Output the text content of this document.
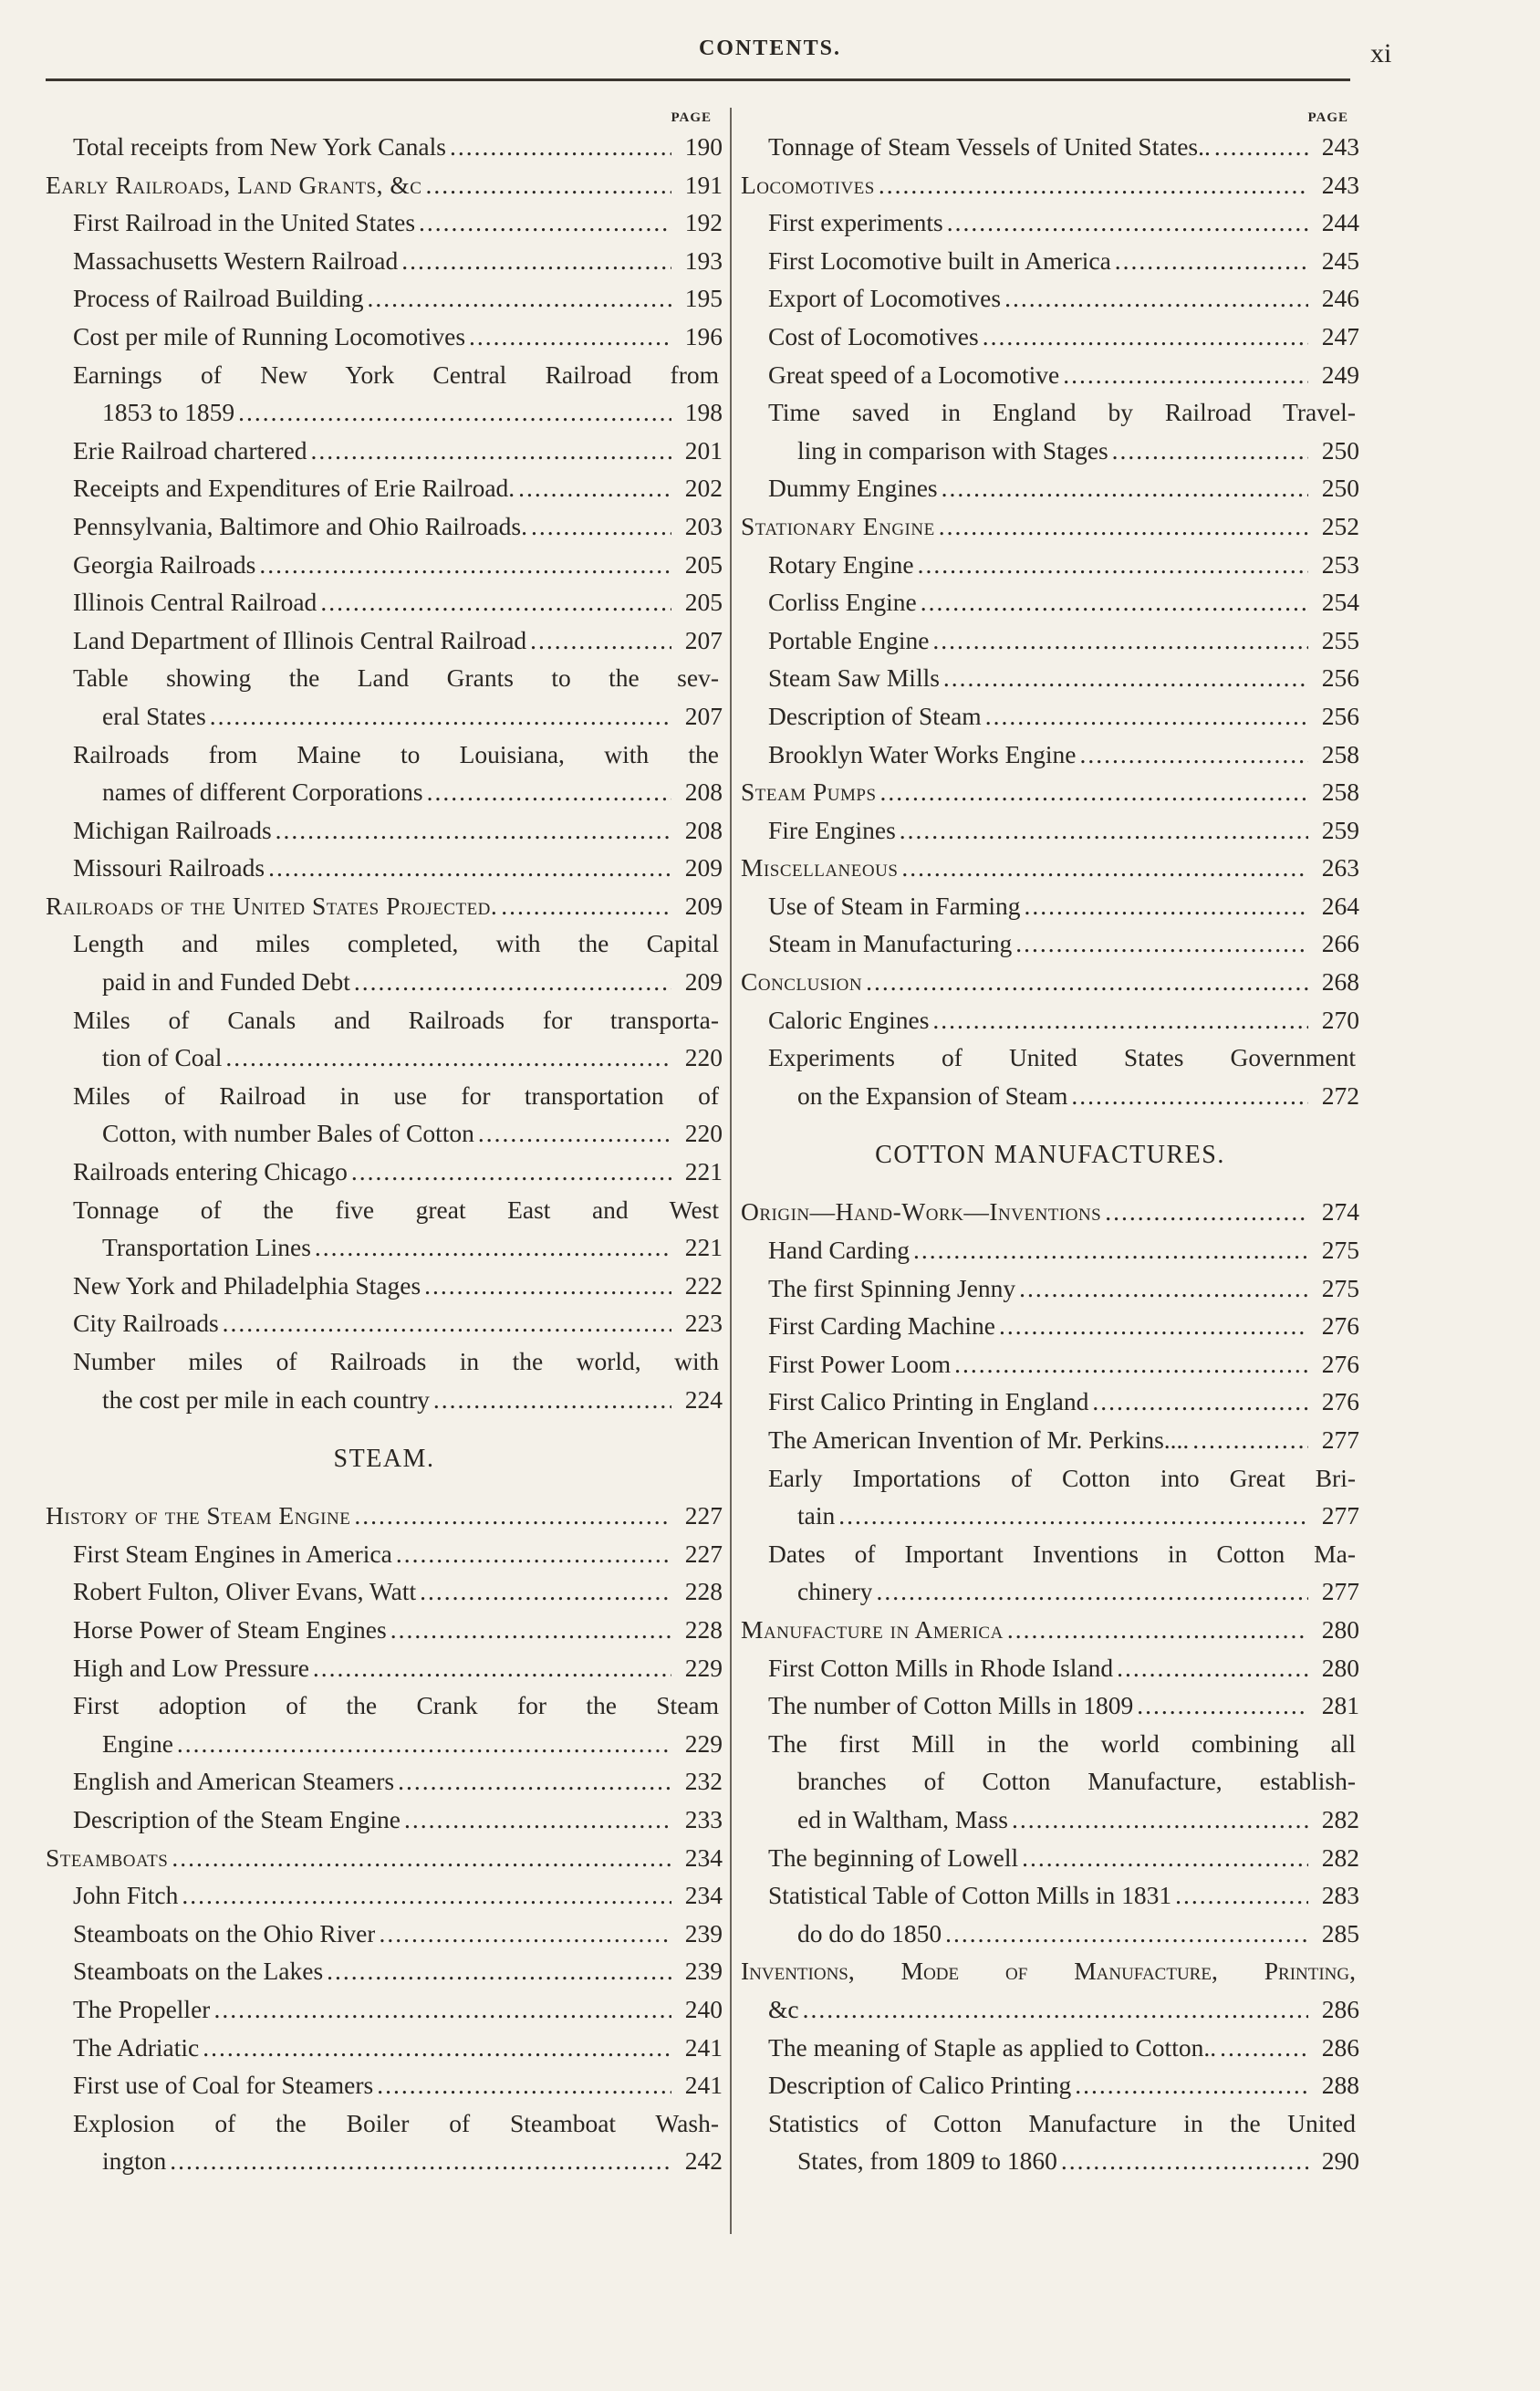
CONTENTS.	xi
PAGE
Total receipts from New York Canals .....	190
Early Railroads, Land Grants, &c .....	191
First Railroad in the United States .....	192
Massachusetts Western Railroad .....	193
Process of Railroad Building .....	195
Cost per mile of Running Locomotives .....	196
Earnings of New York Central Railroad from
1853 to 1859 .....	198
Erie Railroad chartered .....	201
Receipts and Expenditures of Erie Railroad. .....	202
Pennsylvania, Baltimore and Ohio Railroads. .....	203
Georgia Railroads .....	205
Illinois Central Railroad .....	205
Land Department of Illinois Central Railroad .....	207
Table showing the Land Grants to the sev-
eral States .....	207
Railroads from Maine to Louisiana, with the
names of different Corporations .....	208
Michigan Railroads .....	208
Missouri Railroads .....	209
Railroads of the United States Projected. .....	209
Length and miles completed, with the Capital
paid in and Funded Debt .....	209
Miles of Canals and Railroads for transporta-
tion of Coal .....	220
Miles of Railroad in use for transportation of
Cotton, with number Bales of Cotton .....	220
Railroads entering Chicago .....	221
Tonnage of the five great East and West
Transportation Lines .....	221
New York and Philadelphia Stages .....	222
City Railroads .....	223
Number miles of Railroads in the world, with
the cost per mile in each country .....	224
STEAM.
History of the Steam Engine .....	227
First Steam Engines in America .....	227
Robert Fulton, Oliver Evans, Watt .....	228
Horse Power of Steam Engines .....	228
High and Low Pressure .....	229
First adoption of the Crank for the Steam
Engine .....	229
English and American Steamers .....	232
Description of the Steam Engine .....	233
Steamboats .....	234
John Fitch .....	234
Steamboats on the Ohio River .....	239
Steamboats on the Lakes .....	239
The Propeller .....	240
The Adriatic .....	241
First use of Coal for Steamers .....	241
Explosion of the Boiler of Steamboat Wash-
ington .....	242
PAGE
Tonnage of Steam Vessels of United States.. .....	243
Locomotives .....	243
First experiments .....	244
First Locomotive built in America .....	245
Export of Locomotives .....	246
Cost of Locomotives .....	247
Great speed of a Locomotive .....	249
Time saved in England by Railroad Travel-
ling in comparison with Stages .....	250
Dummy Engines .....	250
Stationary Engine .....	252
Rotary Engine .....	253
Corliss Engine .....	254
Portable Engine .....	255
Steam Saw Mills .....	256
Description of Steam .....	256
Brooklyn Water Works Engine .....	258
Steam Pumps .....	258
Fire Engines .....	259
Miscellaneous .....	263
Use of Steam in Farming .....	264
Steam in Manufacturing .....	266
Conclusion .....	268
Caloric Engines .....	270
Experiments of United States Government
on the Expansion of Steam .....	272
COTTON MANUFACTURES.
Origin—Hand-Work—Inventions .....	274
Hand Carding .....	275
The first Spinning Jenny .....	275
First Carding Machine .....	276
First Power Loom .....	276
First Calico Printing in England .....	276
The American Invention of Mr. Perkins.... .....	277
Early Importations of Cotton into Great Bri-
tain .....	277
Dates of Important Inventions in Cotton Ma-
chinery .....	277
Manufacture in America .....	280
First Cotton Mills in Rhode Island .....	280
The number of Cotton Mills in 1809 .....	281
The first Mill in the world combining all
branches of Cotton Manufacture, establish-
ed in Waltham, Mass .....	282
The beginning of Lowell .....	282
Statistical Table of Cotton Mills in 1831 .....	283
do do do 1850 .....	285
Inventions, Mode of Manufacture, Printing,
&c .....	286
The meaning of Staple as applied to Cotton.. .....	286
Description of Calico Printing .....	288
Statistics of Cotton Manufacture in the United
States, from 1809 to 1860 .....	290
